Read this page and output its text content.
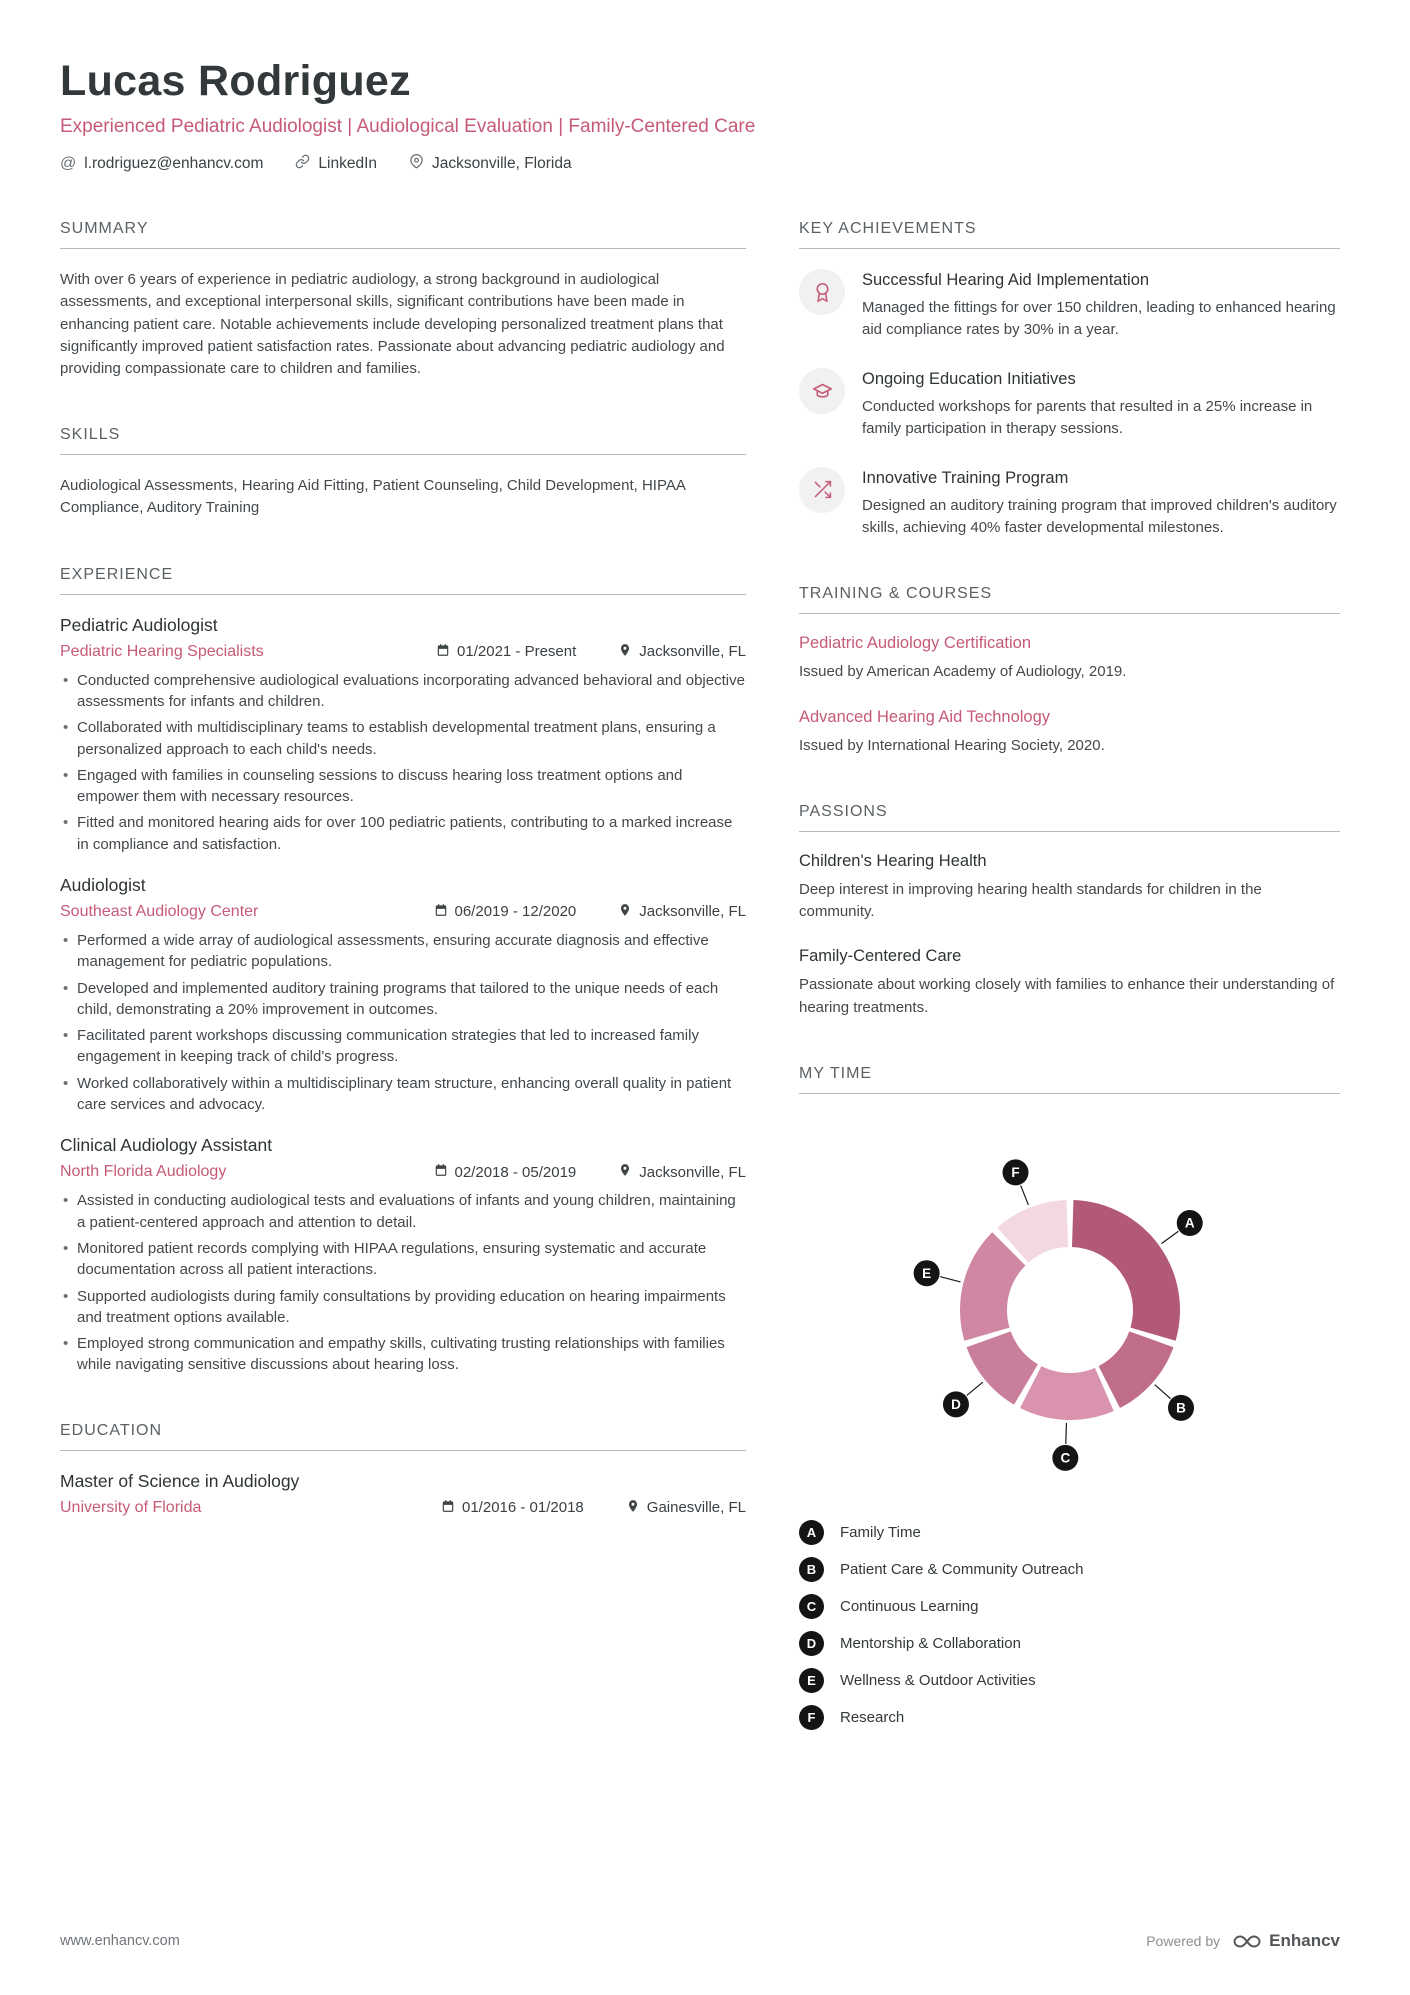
Lucas Rodriguez
Experienced Pediatric Audiologist | Audiological Evaluation | Family-Centered Care
@ l.rodriguez@enhancv.com	LinkedIn	Jacksonville, Florida
SUMMARY

With over 6 years of experience in pediatric audiology, a strong background in audiological assessments, and exceptional interpersonal skills, significant contributions have been made in enhancing patient care. Notable achievements include developing personalized treatment plans that significantly improved patient satisfaction rates. Passionate about advancing pediatric audiology and providing compassionate care to children and families.

SKILLS

Audiological Assessments, Hearing Aid Fitting, Patient Counseling, Child Development, HIPAA Compliance, Auditory Training

EXPERIENCE
Pediatric Audiologist
Pediatric Hearing Specialists	01/2021 - Present	Jacksonville, FL
• Conducted comprehensive audiological evaluations incorporating advanced behavioral and objective assessments for infants and children.
• Collaborated with multidisciplinary teams to establish developmental treatment plans, ensuring a personalized approach to each child's needs.
• Engaged with families in counseling sessions to discuss hearing loss treatment options and empower them with necessary resources.
• Fitted and monitored hearing aids for over 100 pediatric patients, contributing to a marked increase in compliance and satisfaction.
Audiologist
Southeast Audiology Center	06/2019 - 12/2020	Jacksonville, FL
• Performed a wide array of audiological assessments, ensuring accurate diagnosis and effective management for pediatric populations.
• Developed and implemented auditory training programs that tailored to the unique needs of each child, demonstrating a 20% improvement in outcomes.
• Facilitated parent workshops discussing communication strategies that led to increased family engagement in keeping track of child's progress.
• Worked collaboratively within a multidisciplinary team structure, enhancing overall quality in patient care services and advocacy.
Clinical Audiology Assistant
North Florida Audiology	02/2018 - 05/2019	Jacksonville, FL
• Assisted in conducting audiological tests and evaluations of infants and young children, maintaining a patient-centered approach and attention to detail.
• Monitored patient records complying with HIPAA regulations, ensuring systematic and accurate documentation across all patient interactions.
• Supported audiologists during family consultations by providing education on hearing impairments and treatment options available.
• Employed strong communication and empathy skills, cultivating trusting relationships with families while navigating sensitive discussions about hearing loss.
EDUCATION
Master of Science in Audiology
University of Florida	01/2016 - 01/2018	Gainesville, FL
KEY ACHIEVEMENTS
Successful Hearing Aid Implementation
Managed the fittings for over 150 children, leading to enhanced hearing aid compliance rates by 30% in a year.
Ongoing Education Initiatives
Conducted workshops for parents that resulted in a 25% increase in family participation in therapy sessions.
Innovative Training Program
Designed an auditory training program that improved children's auditory skills, achieving 40% faster developmental milestones.
TRAINING & COURSES
Pediatric Audiology Certification
Issued by American Academy of Audiology, 2019.
Advanced Hearing Aid Technology
Issued by International Hearing Society, 2020.
PASSIONS
Children's Hearing Health
Deep interest in improving hearing health standards for children in the community.
Family-Centered Care
Passionate about working closely with families to enhance their understanding of hearing treatments.
MY TIME
A
B
C
D
E
F
A	Family Time
B	Patient Care & Community Outreach
C	Continuous Learning
D	Mentorship & Collaboration
E	Wellness & Outdoor Activities
F	Research
www.enhancv.com	Powered by	Enhancv
